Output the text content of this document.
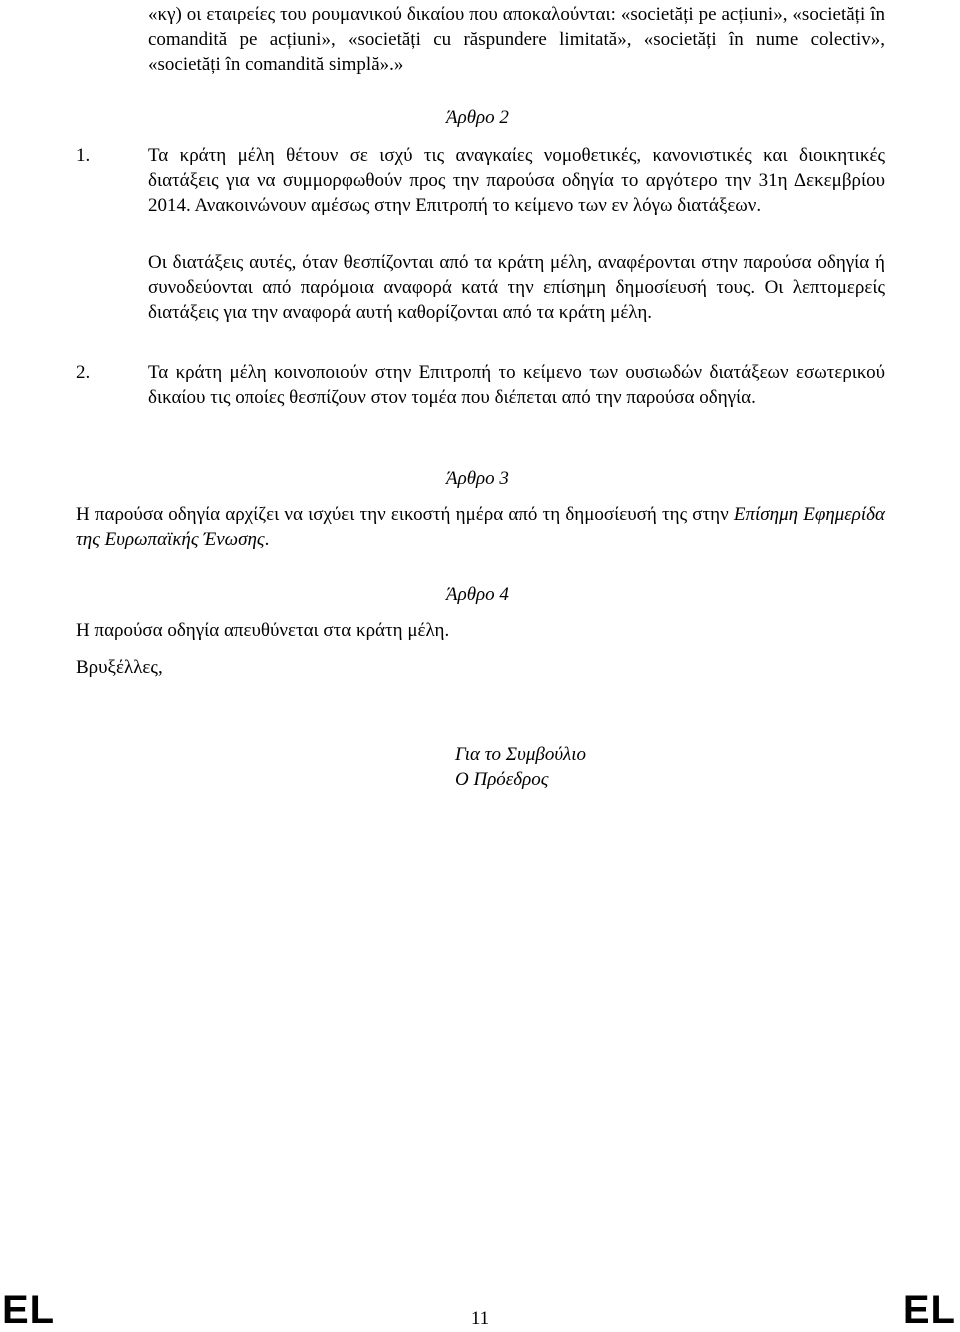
«κγ) οι εταιρείες του ρουμανικού δικαίου που αποκαλούνται: «societăți pe acțiuni», «societăți în comandită pe acțiuni», «societăți cu răspundere limitată», «societăți în nume colectiv», «societăți în comandită simplă».»

Άρθρο 2
1.	Τα κράτη μέλη θέτουν σε ισχύ τις αναγκαίες νομοθετικές, κανονιστικές και διοικητικές διατάξεις για να συμμορφωθούν προς την παρούσα οδηγία το αργότερο την 31η Δεκεμβρίου 2014. Ανακοινώνουν αμέσως στην Επιτροπή το κείμενο των εν λόγω διατάξεων.

Οι διατάξεις αυτές, όταν θεσπίζονται από τα κράτη μέλη, αναφέρονται στην παρούσα οδηγία ή συνοδεύονται από παρόμοια αναφορά κατά την επίσημη δημοσίευσή τους. Οι λεπτομερείς διατάξεις για την αναφορά αυτή καθορίζονται από τα κράτη μέλη.

2.	Τα κράτη μέλη κοινοποιούν στην Επιτροπή το κείμενο των ουσιωδών διατάξεων εσωτερικού δικαίου τις οποίες θεσπίζουν στον τομέα που διέπεται από την παρούσα οδηγία.

Άρθρο 3

Η παρούσα οδηγία αρχίζει να ισχύει την εικοστή ημέρα από τη δημοσίευσή της στην Επίσημη Εφημερίδα της Ευρωπαϊκής Ένωσης.

Άρθρο 4

Η παρούσα οδηγία απευθύνεται στα κράτη μέλη.

Βρυξέλλες,

Για το Συμβούλιο
Ο Πρόεδρος
EL	11	EL
